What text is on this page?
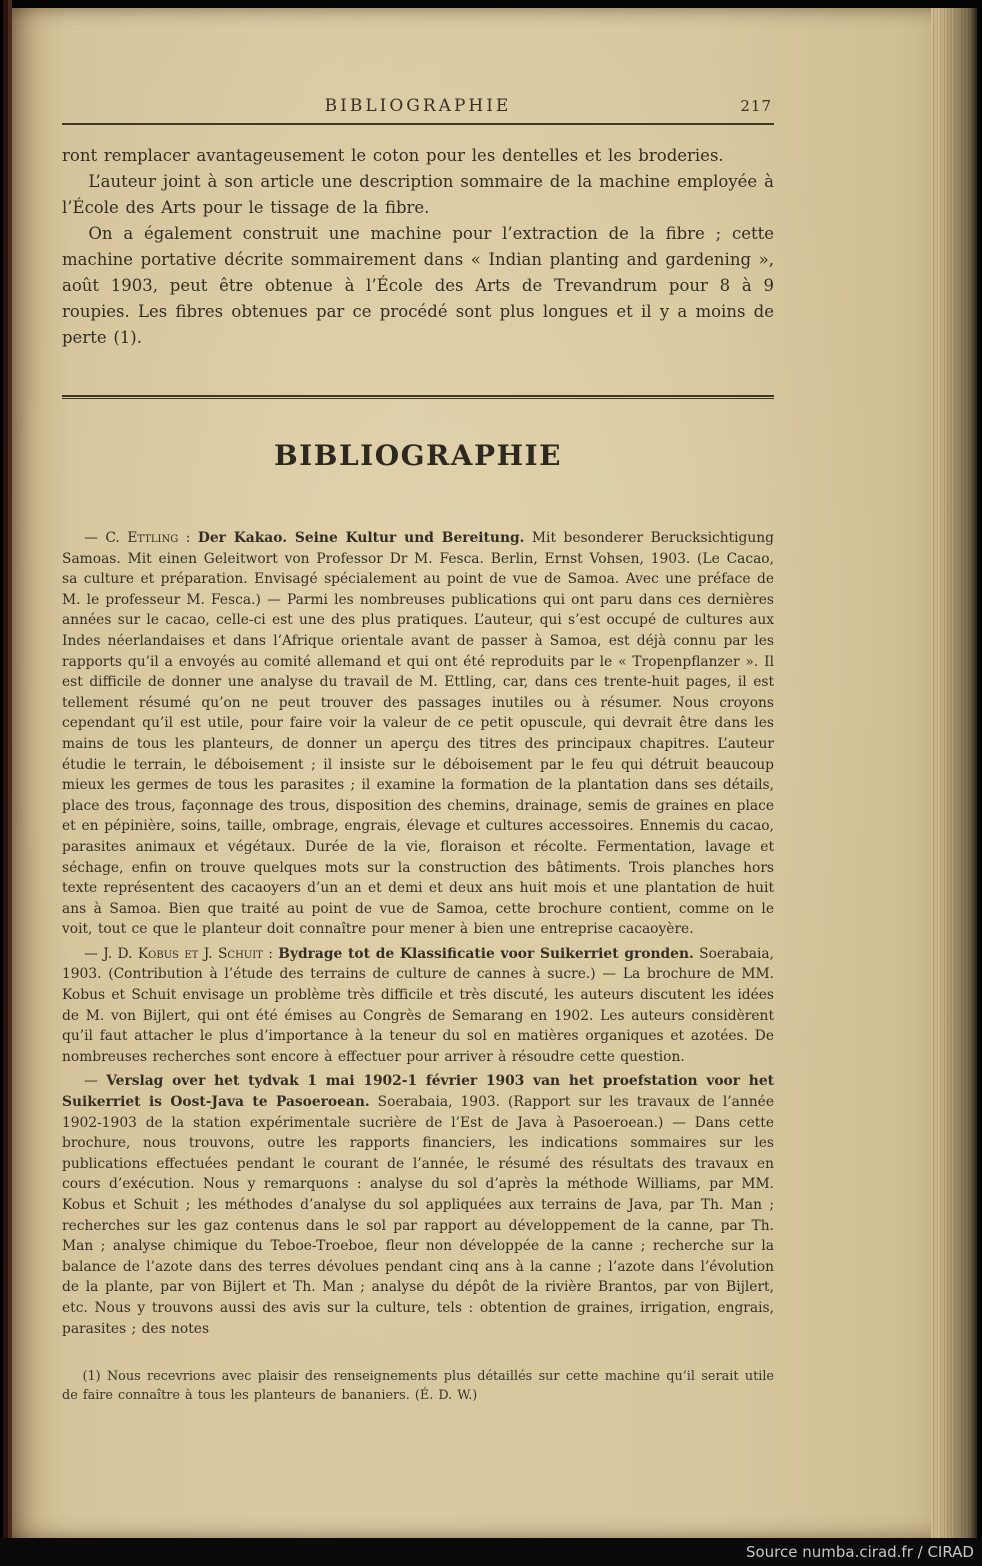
BIBLIOGRAPHIE	217

ront remplacer avantageusement le coton pour les dentelles et les broderies.

L’auteur joint à son article une description sommaire de la machine employée à l’École des Arts pour le tissage de la fibre.

On a également construit une machine pour l’extraction de la fibre ; cette machine portative décrite sommairement dans « Indian planting and gardening », août 1903, peut être obtenue à l’École des Arts de Trevandrum pour 8 à 9 roupies. Les fibres obtenues par ce procédé sont plus longues et il y a moins de perte (1).

BIBLIOGRAPHIE

— C. Ettling : Der Kakao. Seine Kultur und Bereitung. Mit besonderer Berucksichtigung Samoas. Mit einen Geleitwort von Professor Dr M. Fesca. Berlin, Ernst Vohsen, 1903. (Le Cacao, sa culture et préparation. Envisagé spécialement au point de vue de Samoa. Avec une préface de M. le professeur M. Fesca.) — Parmi les nombreuses publications qui ont paru dans ces dernières années sur le cacao, celle-ci est une des plus pratiques. L’auteur, qui s’est occupé de cultures aux Indes néerlandaises et dans l’Afrique orientale avant de passer à Samoa, est déjà connu par les rapports qu’il a envoyés au comité allemand et qui ont été reproduits par le « Tropenpflanzer ». Il est difficile de donner une analyse du travail de M. Ettling, car, dans ces trente-huit pages, il est tellement résumé qu’on ne peut trouver des passages inutiles ou à résumer. Nous croyons cependant qu’il est utile, pour faire voir la valeur de ce petit opuscule, qui devrait être dans les mains de tous les planteurs, de donner un aperçu des titres des principaux chapitres. L’auteur étudie le terrain, le déboisement ; il insiste sur le déboisement par le feu qui détruit beaucoup mieux les germes de tous les parasites ; il examine la formation de la plantation dans ses détails, place des trous, façonnage des trous, disposition des chemins, drainage, semis de graines en place et en pépinière, soins, taille, ombrage, engrais, élevage et cultures accessoires. Ennemis du cacao, parasites animaux et végétaux. Durée de la vie, floraison et récolte. Fermentation, lavage et séchage, enfin on trouve quelques mots sur la construction des bâtiments. Trois planches hors texte représentent des cacaoyers d’un an et demi et deux ans huit mois et une plantation de huit ans à Samoa. Bien que traité au point de vue de Samoa, cette brochure contient, comme on le voit, tout ce que le planteur doit connaître pour mener à bien une entreprise cacaoyère.

— J. D. Kobus et J. Schuit : Bydrage tot de Klassificatie voor Suikerriet gronden. Soerabaia, 1903. (Contribution à l’étude des terrains de culture de cannes à sucre.) — La brochure de MM. Kobus et Schuit envisage un problème très difficile et très discuté, les auteurs discutent les idées de M. von Bijlert, qui ont été émises au Congrès de Semarang en 1902. Les auteurs considèrent qu’il faut attacher le plus d’importance à la teneur du sol en matières organiques et azotées. De nombreuses recherches sont encore à effectuer pour arriver à résoudre cette question.

— Verslag over het tydvak 1 mai 1902-1 février 1903 van het proefstation voor het Suikerriet is Oost-Java te Pasoeroean. Soerabaia, 1903. (Rapport sur les travaux de l’année 1902-1903 de la station expérimentale sucrière de l’Est de Java à Pasoeroean.) — Dans cette brochure, nous trouvons, outre les rapports financiers, les indications sommaires sur les publications effectuées pendant le courant de l’année, le résumé des résultats des travaux en cours d’exécution. Nous y remarquons : analyse du sol d’après la méthode Williams, par MM. Kobus et Schuit ; les méthodes d’analyse du sol appliquées aux terrains de Java, par Th. Man ; recherches sur les gaz contenus dans le sol par rapport au développement de la canne, par Th. Man ; analyse chimique du Teboe-Troeboe, fleur non développée de la canne ; recherche sur la balance de l’azote dans des terres dévolues pendant cinq ans à la canne ; l’azote dans l’évolution de la plante, par von Bijlert et Th. Man ; analyse du dépôt de la rivière Brantos, par von Bijlert, etc. Nous y trouvons aussi des avis sur la culture, tels : obtention de graines, irrigation, engrais, parasites ; des notes

(1) Nous recevrions avec plaisir des renseignements plus détaillés sur cette machine qu’il serait utile de faire connaître à tous les planteurs de bananiers. (É. D. W.)

Source numba.cirad.fr / CIRAD
